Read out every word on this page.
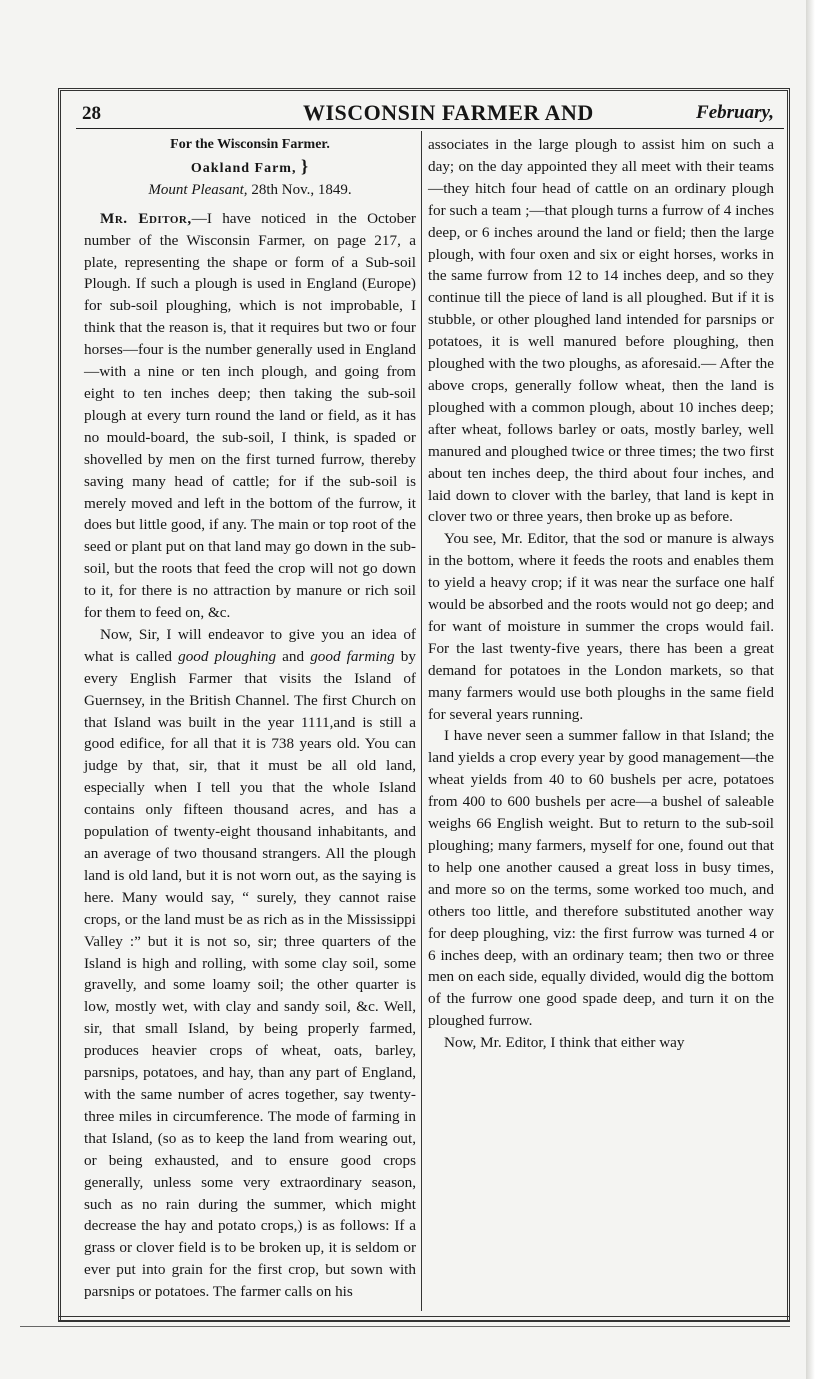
28	WISCONSIN FARMER AND	February,
For the Wisconsin Farmer.
Oakland Farm, }
Mount Pleasant, 28th Nov., 1849.

Mr. Editor,—I have noticed in the October number of the Wisconsin Farmer, on page 217, a plate, representing the shape or form of a Sub-soil Plough. If such a plough is used in England (Europe) for sub-soil ploughing, which is not improbable, I think that the reason is, that it requires but two or four horses—four is the number generally used in England—with a nine or ten inch plough, and going from eight to ten inches deep; then taking the sub-soil plough at every turn round the land or field, as it has no mould-board, the sub-soil, I think, is spaded or shovelled by men on the first turned furrow, thereby saving many head of cattle; for if the sub-soil is merely moved and left in the bottom of the furrow, it does but little good, if any. The main or top root of the seed or plant put on that land may go down in the sub-soil, but the roots that feed the crop will not go down to it, for there is no attraction by manure or rich soil for them to feed on, &c.

Now, Sir, I will endeavor to give you an idea of what is called good ploughing and good farming by every English Farmer that visits the Island of Guernsey, in the British Channel. The first Church on that Island was built in the year 1111,and is still a good edifice, for all that it is 738 years old. You can judge by that, sir, that it must be all old land, especially when I tell you that the whole Island contains only fifteen thousand acres, and has a population of twenty-eight thousand inhabitants, and an average of two thousand strangers. All the plough land is old land, but it is not worn out, as the saying is here. Many would say, “ surely, they cannot raise crops, or the land must be as rich as in the Mississippi Valley :” but it is not so, sir; three quarters of the Island is high and rolling, with some clay soil, some gravelly, and some loamy soil; the other quarter is low, mostly wet, with clay and sandy soil, &c. Well, sir, that small Island, by being properly farmed, produces heavier crops of wheat, oats, barley, parsnips, potatoes, and hay, than any part of England, with the same number of acres together, say twenty-three miles in circumference. The mode of farming in that Island, (so as to keep the land from wearing out, or being exhausted, and to ensure good crops generally, unless some very extraordinary season, such as no rain during the summer, which might decrease the hay and potato crops,) is as follows: If a grass or clover field is to be broken up, it is seldom or ever put into grain for the first crop, but sown with parsnips or potatoes. The farmer calls on his

associates in the large plough to assist him on such a day; on the day appointed they all meet with their teams—they hitch four head of cattle on an ordinary plough for such a team ;—that plough turns a furrow of 4 inches deep, or 6 inches around the land or field; then the large plough, with four oxen and six or eight horses, works in the same furrow from 12 to 14 inches deep, and so they continue till the piece of land is all ploughed. But if it is stubble, or other ploughed land intended for parsnips or potatoes, it is well manured before ploughing, then ploughed with the two ploughs, as aforesaid.— After the above crops, generally follow wheat, then the land is ploughed with a common plough, about 10 inches deep; after wheat, follows barley or oats, mostly barley, well manured and ploughed twice or three times; the two first about ten inches deep, the third about four inches, and laid down to clover with the barley, that land is kept in clover two or three years, then broke up as before.

You see, Mr. Editor, that the sod or manure is always in the bottom, where it feeds the roots and enables them to yield a heavy crop; if it was near the surface one half would be absorbed and the roots would not go deep; and for want of moisture in summer the crops would fail. For the last twenty-five years, there has been a great demand for potatoes in the London markets, so that many farmers would use both ploughs in the same field for several years running.

I have never seen a summer fallow in that Island; the land yields a crop every year by good management—the wheat yields from 40 to 60 bushels per acre, potatoes from 400 to 600 bushels per acre—a bushel of saleable weighs 66 English weight. But to return to the sub-soil ploughing; many farmers, myself for one, found out that to help one another caused a great loss in busy times, and more so on the terms, some worked too much, and others too little, and therefore substituted another way for deep ploughing, viz: the first furrow was turned 4 or 6 inches deep, with an ordinary team; then two or three men on each side, equally divided, would dig the bottom of the furrow one good spade deep, and turn it on the ploughed furrow.

Now, Mr. Editor, I think that either way
